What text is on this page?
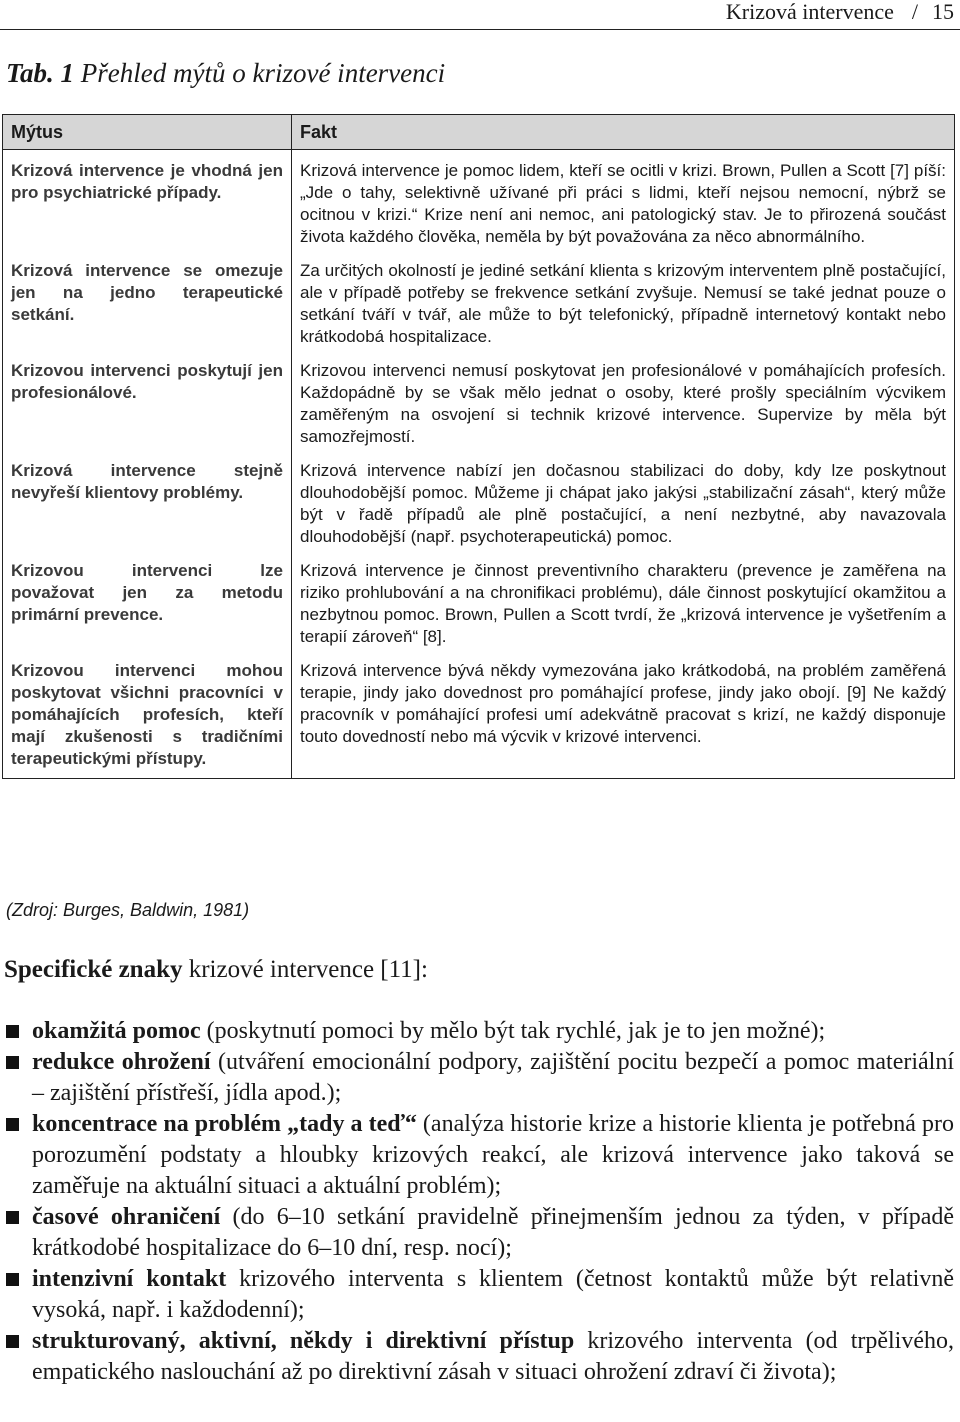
Krizová intervence / 15
Tab. 1 Přehled mýtů o krizové intervenci
Mýtus	Fakt
Krizová intervence je vhodná jen pro psychiatrické případy.	Krizová intervence je pomoc lidem, kteří se ocitli v krizi. Brown, Pullen a Scott [7] píší: „Jde o tahy, selektivně užívané při práci s lidmi, kteří nejsou nemocní, nýbrž se ocitnou v krizi.“ Krize není ani nemoc, ani patologický stav. Je to přirozená součást života každého člověka, neměla by být považována za něco abnormálního.
Krizová intervence se omezuje jen na jedno terapeutické setkání.	Za určitých okolností je jediné setkání klienta s krizovým interventem plně postačující, ale v případě potřeby se frekvence setkání zvyšuje. Nemusí se také jednat pouze o setkání tváří v tvář, ale může to být telefonický, případně internetový kontakt nebo krátkodobá hospitalizace.
Krizovou intervenci poskytují jen profesionálové.	Krizovou intervenci nemusí poskytovat jen profesionálové v pomáhajících profesích. Každopádně by se však mělo jednat o osoby, které prošly speciálním výcvikem zaměřeným na osvojení si technik krizové intervence. Supervize by měla být samozřejmostí.
Krizová intervence stejně nevyřeší klientovy problémy.	Krizová intervence nabízí jen dočasnou stabilizaci do doby, kdy lze poskytnout dlouhodobější pomoc. Můžeme ji chápat jako jakýsi „stabilizační zásah“, který může být v řadě případů ale plně postačující, a není nezbytné, aby navazovala dlouhodobější (např. psychoterapeutická) pomoc.
Krizovou intervenci lze považovat jen za metodu primární prevence.	Krizová intervence je činnost preventivního charakteru (prevence je zaměřena na riziko prohlubování a na chronifikaci problému), dále činnost poskytující okamžitou a nezbytnou pomoc. Brown, Pullen a Scott tvrdí, že „krizová intervence je vyšetřením a terapií zároveň“ [8].
Krizovou intervenci mohou poskytovat všichni pracovníci v pomáhajících profesích, kteří mají zkušenosti s tradičními terapeutickými přístupy.	Krizová intervence bývá někdy vymezována jako krátkodobá, na problém zaměřená terapie, jindy jako dovednost pro pomáhající profese, jindy jako obojí. [9] Ne každý pracovník v pomáhající profesi umí adekvátně pracovat s krizí, ne každý disponuje touto dovedností nebo má výcvik v krizové intervenci.
(Zdroj: Burges, Baldwin, 1981)
Specifické znaky krizové intervence [11]:
okamžitá pomoc (poskytnutí pomoci by mělo být tak rychlé, jak je to jen možné);
redukce ohrožení (utváření emocionální podpory, zajištění pocitu bezpečí a pomoc materiální – zajištění přístřeší, jídla apod.);
koncentrace na problém „tady a teď“ (analýza historie krize a historie klienta je potřebná pro porozumění podstaty a hloubky krizových reakcí, ale krizová intervence jako taková se zaměřuje na aktuální situaci a aktuální problém);
časové ohraničení (do 6–10 setkání pravidelně přinejmenším jednou za týden, v případě krátkodobé hospitalizace do 6–10 dní, resp. nocí);
intenzivní kontakt krizového interventa s klientem (četnost kontaktů může být relativně vysoká, např. i každodenní);
strukturovaný, aktivní, někdy i direktivní přístup krizového interventa (od trpělivého, empatického naslouchání až po direktivní zásah v situaci ohrožení zdraví či života);
